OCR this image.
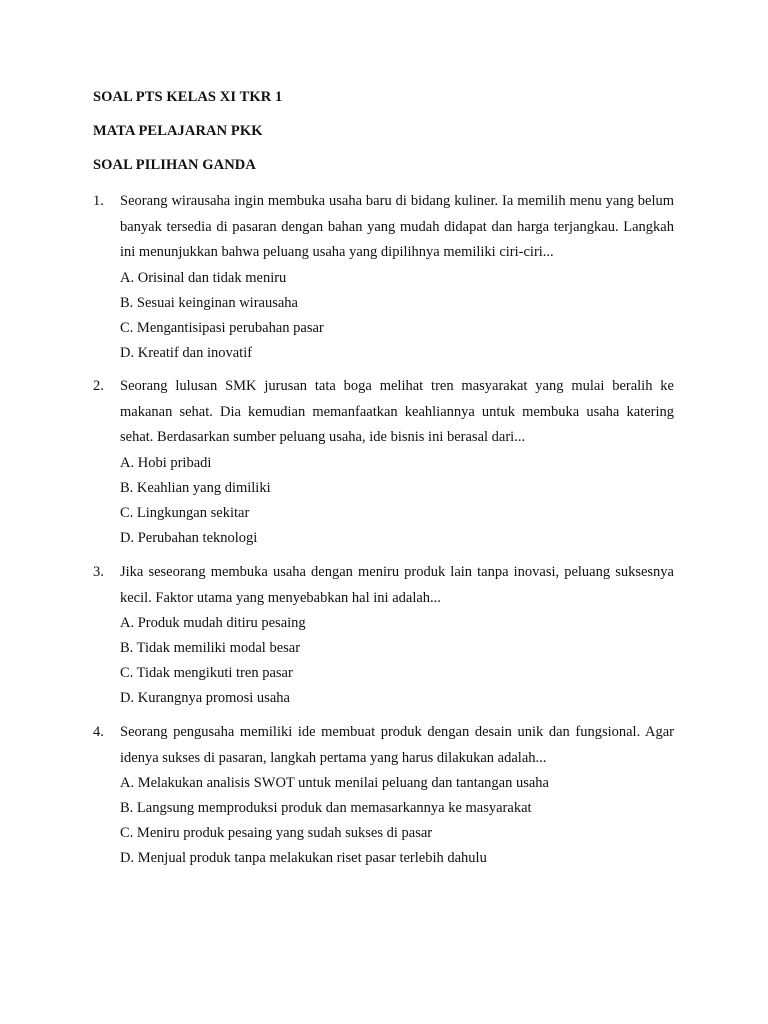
SOAL PTS KELAS XI TKR 1
MATA PELAJARAN PKK
SOAL PILIHAN GANDA
1. Seorang wirausaha ingin membuka usaha baru di bidang kuliner. Ia memilih menu yang belum banyak tersedia di pasaran dengan bahan yang mudah didapat dan harga terjangkau. Langkah ini menunjukkan bahwa peluang usaha yang dipilihnya memiliki ciri-ciri...
A. Orisinal dan tidak meniru
B. Sesuai keinginan wirausaha
C. Mengantisipasi perubahan pasar
D. Kreatif dan inovatif
2. Seorang lulusan SMK jurusan tata boga melihat tren masyarakat yang mulai beralih ke makanan sehat. Dia kemudian memanfaatkan keahliannya untuk membuka usaha katering sehat. Berdasarkan sumber peluang usaha, ide bisnis ini berasal dari...
A. Hobi pribadi
B. Keahlian yang dimiliki
C. Lingkungan sekitar
D. Perubahan teknologi
3. Jika seseorang membuka usaha dengan meniru produk lain tanpa inovasi, peluang suksesnya kecil. Faktor utama yang menyebabkan hal ini adalah...
A. Produk mudah ditiru pesaing
B. Tidak memiliki modal besar
C. Tidak mengikuti tren pasar
D. Kurangnya promosi usaha
4. Seorang pengusaha memiliki ide membuat produk dengan desain unik dan fungsional. Agar idenya sukses di pasaran, langkah pertama yang harus dilakukan adalah...
A. Melakukan analisis SWOT untuk menilai peluang dan tantangan usaha
B. Langsung memproduksi produk dan memasarkannya ke masyarakat
C. Meniru produk pesaing yang sudah sukses di pasar
D. Menjual produk tanpa melakukan riset pasar terlebih dahulu
